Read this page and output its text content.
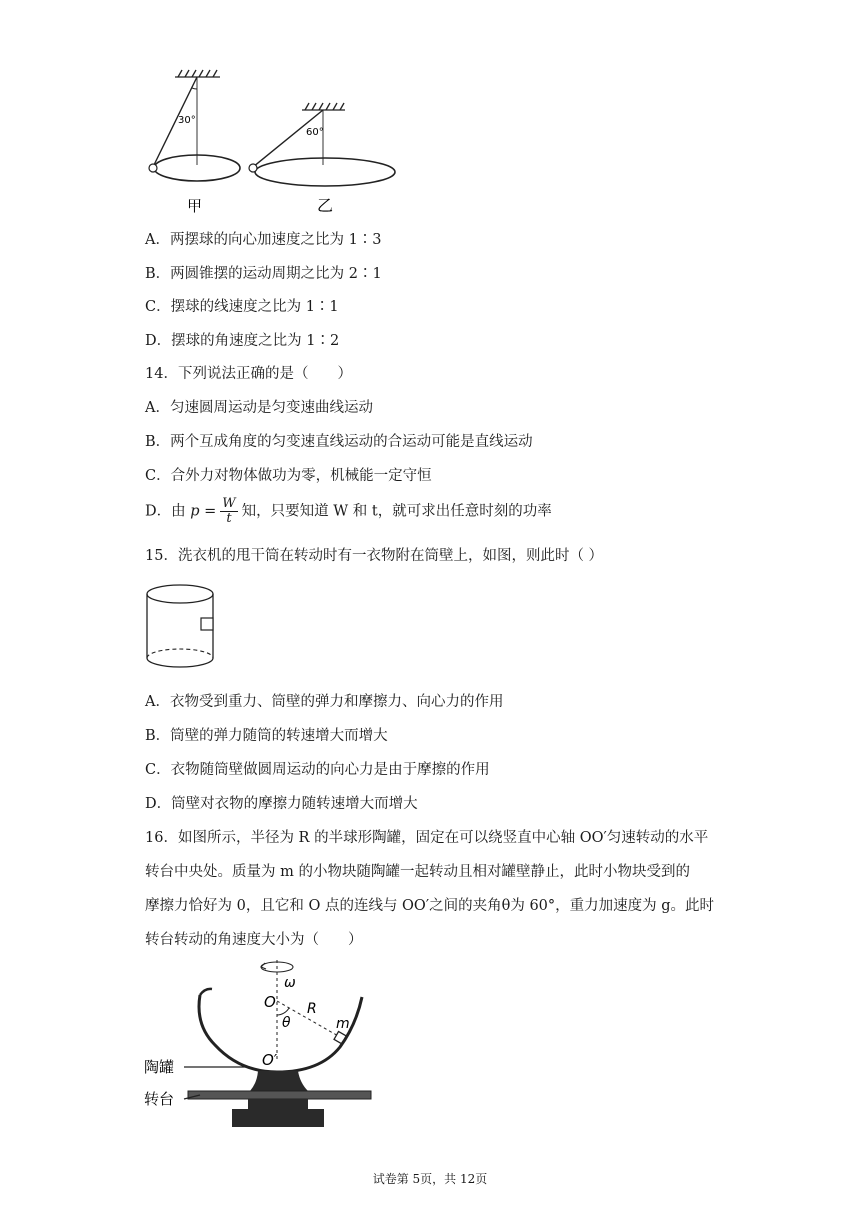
30°
甲
60°
乙
A．两摆球的向心加速度之比为 1∶3
B．两圆锥摆的运动周期之比为 2∶1
C．摆球的线速度之比为 1∶1
D．摆球的角速度之比为 1∶2
14．下列说法正确的是（　　）
A．匀速圆周运动是匀变速曲线运动
B．两个互成角度的匀变速直线运动的合运动可能是直线运动
C．合外力对物体做功为零，机械能一定守恒
D．由 $p = \frac{W}{t}$ 知，只要知道 W 和 t，就可求出任意时刻的功率
15．洗衣机的甩干筒在转动时有一衣物附在筒壁上，如图，则此时（ ）
A．衣物受到重力、筒壁的弹力和摩擦力、向心力的作用
B．筒壁的弹力随筒的转速增大而增大
C．衣物随筒壁做圆周运动的向心力是由于摩擦的作用
D．筒壁对衣物的摩擦力随转速增大而增大
16．如图所示，半径为 R 的半球形陶罐，固定在可以绕竖直中心轴 OO′匀速转动的水平
转台中央处。质量为 m 的小物块随陶罐一起转动且相对罐壁静止，此时小物块受到的
摩擦力恰好为 0，且它和 O 点的连线与 OO′之间的夹角θ为 60°，重力加速度为 g。此时
转台转动的角速度大小为（　　）
ω
O
θ
R
m
O′
陶罐
转台
试卷第 5页，共 12页
